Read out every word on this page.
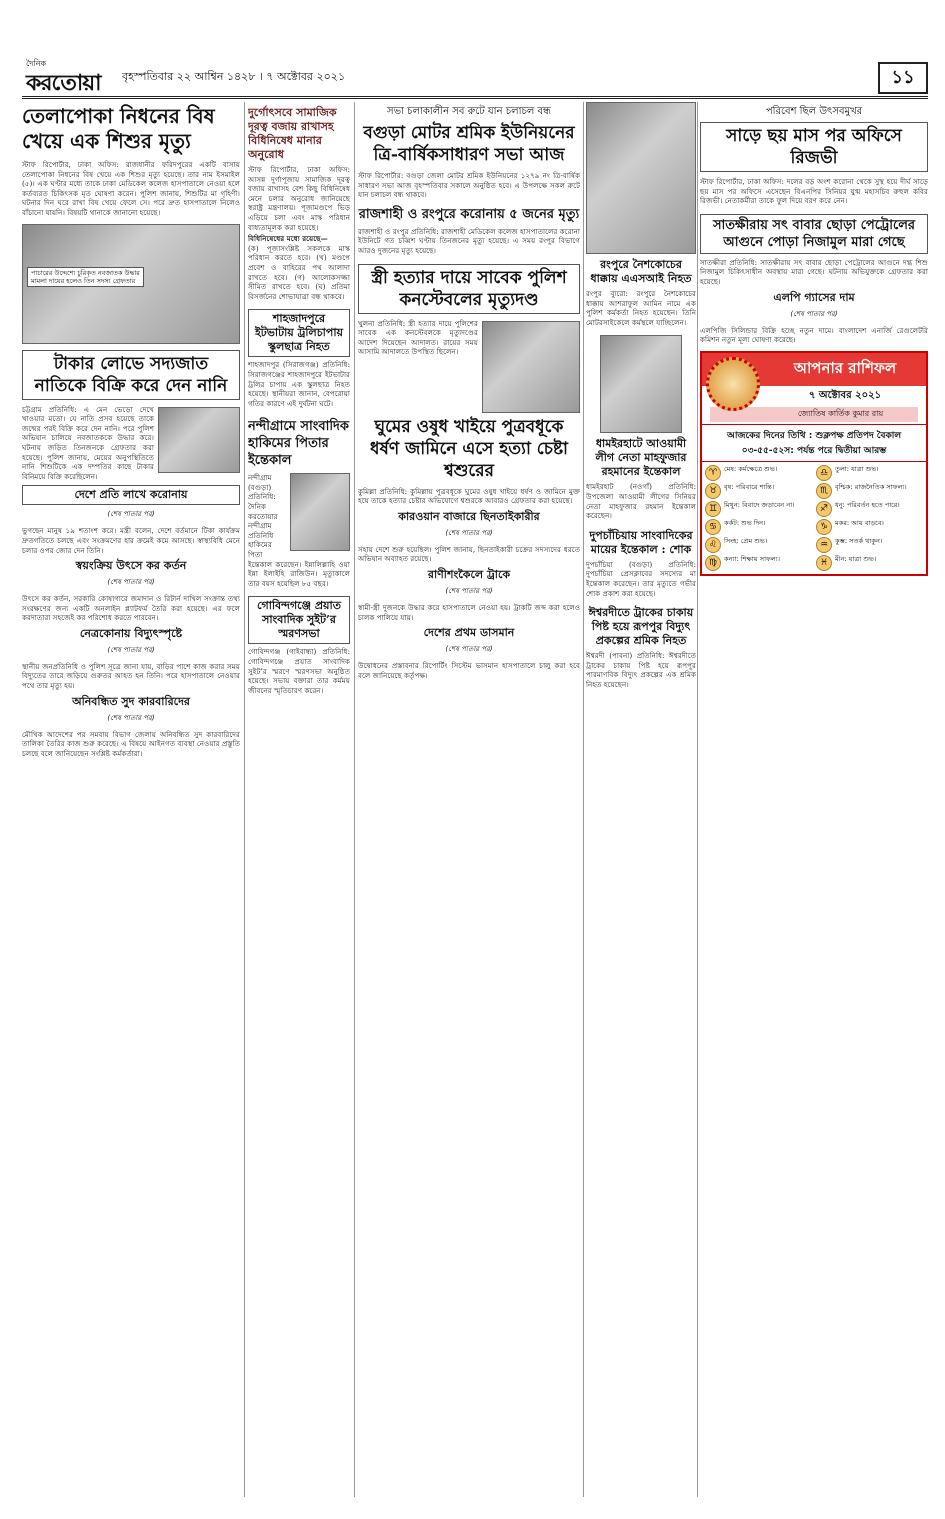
দৈনিক
করতোয়া বৃহস্পতিবার ২২ আশ্বিন ১৪২৮ । ৭ অক্টোবর ২০২১	১১
তেলাপোকা নিধনের বিষ খেয়ে এক শিশুর মৃত্যু
স্টাফ রিপোর্টার, ঢাকা অফিস: রাজধানীর ফরিদপুরের একটি বাসায় তেলাপোকা নিধনের বিষ খেয়ে এক শিশুর মৃত্যু হয়েছে। তার নাম ইসমাইল (৫)। এক ঘণ্টার মধ্যে তাকে ঢাকা মেডিকেল কলেজ হাসপাতালে নেওয়া হলে কর্তব্যরত চিকিৎসক মৃত ঘোষণা করেন। পুলিশ জানায়, শিশুটির মা গৃহিণী। ঘটনার দিন ঘরে রাখা বিষ খেয়ে ফেলে সে। পরে দ্রুত হাসপাতালে নিলেও বাঁচানো যায়নি। বিষয়টি থানাকে জানানো হয়েছে।
পাচারের উদ্দেশ্যে চুরিকৃত নবজাতক উদ্ধার
মামলা দায়ের হলেও তিন সদস্য গ্রেফতার
টাকার লোভে সদ্যজাত নাতিকে বিক্রি করে দেন নানি
চট্টগ্রাম প্রতিনিধি: এ মেন ভেড়ো দেখে খাওয়ার মতো। যে নাতি প্রসব হয়েছে তাকে জন্মের পরই বিক্রি করে দেন নানি। পরে পুলিশ অভিযান চালিয়ে নবজাতককে উদ্ধার করে। ঘটনায় জড়িত তিনজনকে গ্রেফতার করা হয়েছে। পুলিশ জানায়, মেয়ের অনুপস্থিতিতে নানি শিশুটিকে এক দম্পতির কাছে টাকার বিনিময়ে বিক্রি করেছিলেন।
দেশে প্রতি লাখে করোনায়
(শেষ পাতার পর)
ভুগছেন মানুষ ১৯ শতাংশ করে। মন্ত্রী বলেন, দেশে বর্তমানে টিকা কার্যক্রম দ্রুতগতিতে চলছে এবং সংক্রমণের হার ক্রমেই কমে আসছে। স্বাস্থ্যবিধি মেনে চলার ওপর জোর দেন তিনি।
স্বয়ংক্রিয় উৎসে কর কর্তন
(শেষ পাতার পর)
উৎসে কর কর্তন, সরকারি কোষাগারে জমাদান ও রিটার্ন দাখিল সংক্রান্ত তথ্য সংরক্ষণের জন্য একটি অনলাইন প্ল্যাটফর্ম তৈরি করা হয়েছে। এর ফলে করদাতারা সহজেই কর পরিশোধ করতে পারবেন।
নেত্রকোনায় বিদ্যুৎস্পৃষ্টে
(শেষ পাতার পর)
স্থানীয় জনপ্রতিনিধি ও পুলিশ সূত্রে জানা যায়, বাড়ির পাশে কাজ করার সময় বিদ্যুতের তারে জড়িয়ে গুরুতর আহত হন তিনি। পরে হাসপাতালে নেওয়ার পথে তার মৃত্যু হয়।
অনিবন্ধিত সুদ কারবারিদের
(শেষ পাতার পর)
মৌখিক আদেশের পর সমবায় বিভাগ জেলায় অনিবন্ধিত সুদ কারবারিদের তালিকা তৈরির কাজ শুরু করেছে। এ বিষয়ে আইনগত ব্যবস্থা নেওয়ার প্রস্তুতি চলছে বলে জানিয়েছেন সংশ্লিষ্ট কর্মকর্তারা।
দুর্গোৎসবে সামাজিক দূরত্ব বজায় রাখাসহ বিধিনিষেধ মানার অনুরোধ
স্টাফ রিপোর্টার, ঢাকা অফিস: আসন্ন দুর্গাপূজায় সামাজিক দূরত্ব বজায় রাখাসহ বেশ কিছু বিধিনিষেধ মেনে চলার অনুরোধ জানিয়েছে স্বরাষ্ট্র মন্ত্রণালয়। পূজামণ্ডপে ভিড় এড়িয়ে চলা এবং মাস্ক পরিধান বাধ্যতামূলক করা হয়েছে।
বিধিনিষেধের মধ্যে রয়েছে—
(ক) পূজাসংশ্লিষ্ট সকলকে মাস্ক পরিধান করতে হবে। (খ) মণ্ডপে প্রবেশ ও বাহিরের পথ আলাদা রাখতে হবে। (গ) আলোকসজ্জা সীমিত রাখতে হবে। (ঘ) প্রতিমা বিসর্জনের শোভাযাত্রা বন্ধ থাকবে।
শাহজাদপুরে ইটভাটায় ট্রলিচাপায় স্কুলছাত্র নিহত
শাহজাদপুর (সিরাজগঞ্জ) প্রতিনিধি: সিরাজগঞ্জের শাহজাদপুরে ইটভাটার ট্রলির চাপায় এক স্কুলছাত্র নিহত হয়েছে। স্থানীয়রা জানান, বেপরোয়া গতির কারণে এই দুর্ঘটনা ঘটে।
নন্দীগ্রামে সাংবাদিক হাকিমের পিতার ইন্তেকাল
নন্দীগ্রাম (বগুড়া) প্রতিনিধি: দৈনিক করতোয়ার নন্দীগ্রাম প্রতিনিধি হাকিমের পিতা ইন্তেকাল করেছেন। ইন্নালিল্লাহি ওয়া ইন্না ইলাইহি রাজিউন। মৃত্যুকালে তার বয়স হয়েছিল ৮৫ বছর।
গোবিন্দগঞ্জে প্রয়াত সাংবাদিক সুইট’র স্মরণসভা
গোবিন্দগঞ্জ (গাইবান্ধা) প্রতিনিধি: গোবিন্দগঞ্জে প্রয়াত সাংবাদিক সুইট’র স্মরণে স্মরণসভা অনুষ্ঠিত হয়েছে। সভায় বক্তারা তার কর্মময় জীবনের স্মৃতিচারণ করেন।
সভা চলাকালীন সব রুটে যান চলাচল বন্ধ
বগুড়া মোটর শ্রমিক ইউনিয়নের ত্রি-বার্ষিকসাধারণ সভা আজ
স্টাফ রিপোর্টার: বগুড়া জেলা মোটর শ্রমিক ইউনিয়নের ১২৭৯ নং ত্রি-বার্ষিক সাধারণ সভা আজ বৃহস্পতিবার সকালে অনুষ্ঠিত হবে। এ উপলক্ষে সকল রুটে যান চলাচল বন্ধ থাকবে।
রাজশাহী ও রংপুরে করোনায় ৫ জনের মৃত্যু
রাজশাহী ও রংপুর প্রতিনিধি: রাজশাহী মেডিকেল কলেজ হাসপাতালের করোনা ইউনিটে গত চব্বিশ ঘণ্টায় তিনজনের মৃত্যু হয়েছে। এ সময় রংপুর বিভাগে আরও দুজনের মৃত্যু হয়েছে।
স্ত্রী হত্যার দায়ে সাবেক পুলিশ কনস্টেবলের মৃত্যুদণ্ড
খুলনা প্রতিনিধি: স্ত্রী হত্যার দায়ে পুলিশের সাবেক এক কনস্টেবলকে মৃত্যুদণ্ডের আদেশ দিয়েছেন আদালত। রায়ের সময় আসামি আদালতে উপস্থিত ছিলেন।
ঘুমের ওষুধ খাইয়ে পুত্রবধূকে ধর্ষণ জামিনে এসে হত্যা চেষ্টা শ্বশুরের
কুমিল্লা প্রতিনিধি: কুমিল্লায় পুত্রবধূকে ঘুমের ওষুধ খাইয়ে ধর্ষণ ও জামিনে মুক্ত হয়ে তাকে হত্যার চেষ্টার অভিযোগে শ্বশুরকে আবারও গ্রেফতার করা হয়েছে।
কারওয়ান বাজারে ছিনতাইকারীর
(শেষ পাতার পর)
সহায় দেশে শুরু হয়েছিল। পুলিশ জানায়, ছিনতাইকারী চক্রের সদস্যদের ধরতে অভিযান অব্যাহত রয়েছে।
রাণীশংকৈলে ট্রাকে
(শেষ পাতার পর)
স্বামী-স্ত্রী দুজনকে উদ্ধার করে হাসপাতালে নেওয়া হয়। ট্রাকটি জব্দ করা হলেও চালক পালিয়ে যায়।
দেশের প্রথম ডাসমান
(শেষ পাতার পর)
উদ্বোধনের প্রস্তাবনার রিপোর্টিং সিস্টেম ভাসমান হাসপাতালে চালু করা হবে বলে জানিয়েছে কর্তৃপক্ষ।
রংপুরে নৈশকোচের ধাক্কায় এএসআই নিহত
রংপুর ব্যুরো: রংপুরে নৈশকোচের ধাক্কায় আশরাফুল আমিন নামে এক পুলিশ কর্মকর্তা নিহত হয়েছেন। তিনি মোটরসাইকেলে কর্মস্থলে যাচ্ছিলেন।
ধামইরহাটে আওয়ামী লীগ নেতা মাহফুজার রহমানের ইন্তেকাল
ধামইরহাট (নওগাঁ) প্রতিনিধি: উপজেলা আওয়ামী লীগের সিনিয়র নেতা মাহফুজার রহমান ইন্তেকাল করেছেন।
দুপচাঁচিয়ায় সাংবাদিকের মায়ের ইন্তেকাল : শোক
দুপচাঁচিয়া (বগুড়া) প্রতিনিধি: দুপচাঁচিয়া প্রেসক্লাবের সদস্যের মা ইন্তেকাল করেছেন। তার মৃত্যুতে গভীর শোক প্রকাশ করা হয়েছে।
ঈশ্বরদীতে ট্রাকের চাকায় পিষ্ট হয়ে রূপপুর বিদ্যুৎ প্রকল্পের শ্রমিক নিহত
ঈশ্বরদী (পাবনা) প্রতিনিধি: ঈশ্বরদীতে ট্রাকের চাকায় পিষ্ট হয়ে রূপপুর পারমাণবিক বিদ্যুৎ প্রকল্পের এক শ্রমিক নিহত হয়েছেন।
পরিবেশ ছিল উৎসবমুখর
সাড়ে ছয় মাস পর অফিসে রিজভী
স্টাফ রিপোর্টার, ঢাকা অফিস: দলের বড় অংশ করোনা থেকে সুস্থ হয়ে দীর্ঘ সাড়ে ছয় মাস পর অফিসে এসেছেন বিএনপির সিনিয়র যুগ্ম মহাসচিব রুহুল কবির রিজভী। নেতাকর্মীরা তাকে ফুল দিয়ে বরণ করে নেন।
সাতক্ষীরায় সৎ বাবার ছোড়া পেট্রোলের আগুনে পোড়া নিজামুল মারা গেছে
সাতক্ষীরা প্রতিনিধি: সাতক্ষীরায় সৎ বাবার ছোড়া পেট্রোলের আগুনে দগ্ধ শিশু নিজামুল চিকিৎসাধীন অবস্থায় মারা গেছে। ঘটনায় অভিযুক্তকে গ্রেফতার করা হয়েছে।
এলপি গ্যাসের দাম
(শেষ পাতার পর)
এলপিজি সিলিন্ডার বিক্রি হচ্ছে নতুন দামে। বাংলাদেশ এনার্জি রেগুলেটরি কমিশন নতুন মূল্য ঘোষণা করেছে।
আপনার রাশিফল
৭ অক্টোবর ২০২১
জ্যোতিষ কার্তিক কুমার রায়
আজকের দিনের তিথি : শুক্লপক্ষ প্রতিপদ বৈকাল ০৩-৫৫-৫২স: পর্যন্ত পরে দ্বিতীয়া আরম্ভ
♈	মেষ: কর্মক্ষেত্রে শুভ।	♎	তুলা: যাত্রা শুভ।
♉	বৃষ: পরিবারে শান্তি।	♏	বৃশ্চিক: রাজনৈতিক সাফল্য।
♊	মিথুন: বিবাদে জড়াবেন না।	♐	ধনু: পরিবর্তন হতে পারে।
♋	কর্কট: শুভ দিন।	♑	মকর: আয় বাড়বে।
♌	সিংহ: প্রেম শুভ।	♒	কুম্ভ: সতর্ক থাকুন।
♍	কন্যা: শিক্ষায় সাফল্য।	♓	মীন: যাত্রা শুভ।
